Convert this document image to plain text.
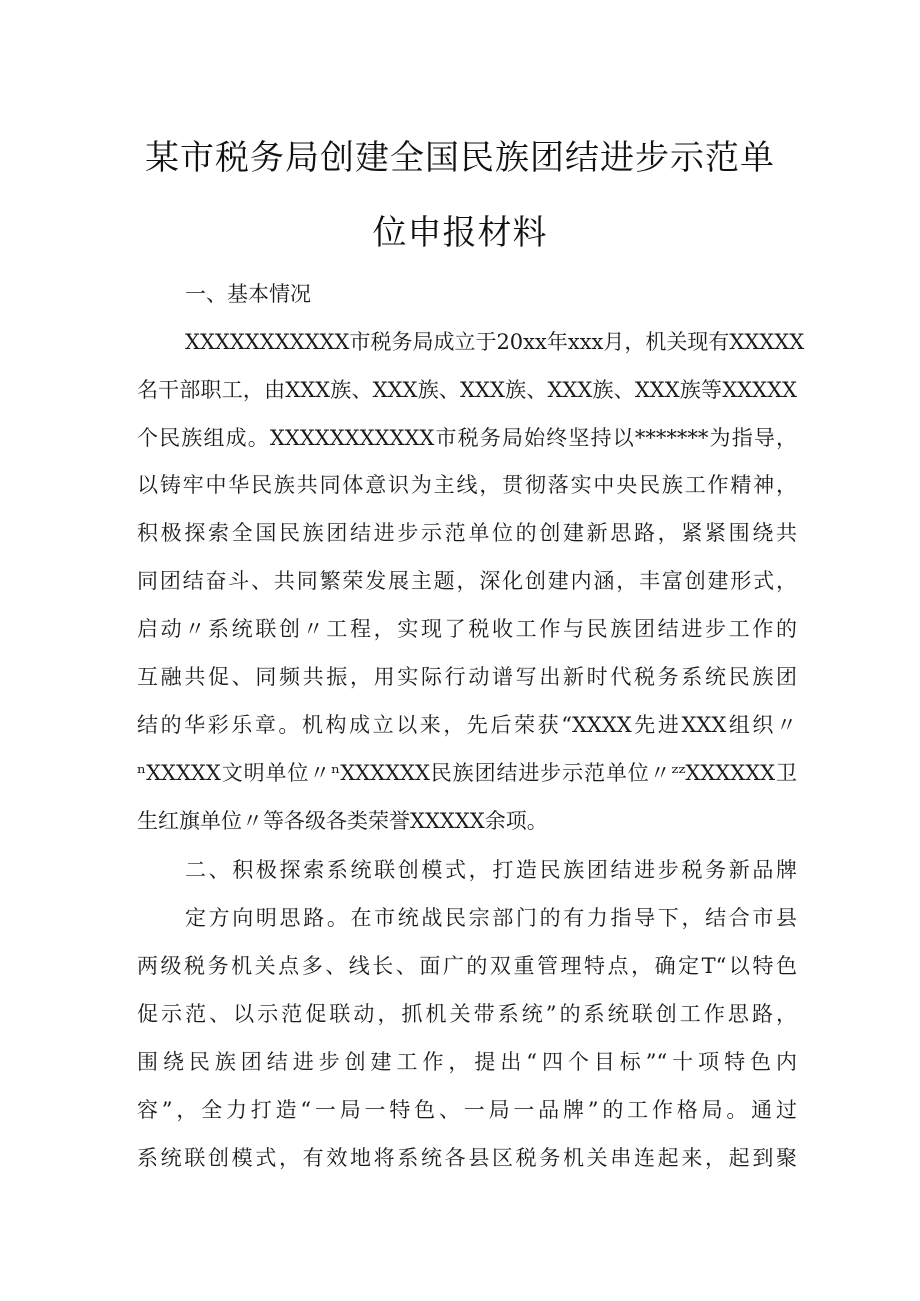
某市税务局创建全国民族团结进步示范单
位申报材料
一、基本情况
XXXXXXXXXXX市税务局成立于20xx年xxx月，机关现有XXXXX
名干部职工，由XXX族、XXX族、XXX族、XXX族、XXX族等XXXXX
个民族组成。XXXXXXXXXXX市税务局始终坚持以*******为指导，
以铸牢中华民族共同体意识为主线，贯彻落实中央民族工作精神，
积极探索全国民族团结进步示范单位的创建新思路，紧紧围绕共
同团结奋斗、共同繁荣发展主题，深化创建内涵，丰富创建形式，
启动〃系统联创〃工程，实现了税收工作与民族团结进步工作的
互融共促、同频共振，用实际行动谱写出新时代税务系统民族团
结的华彩乐章。机构成立以来，先后荣获“XXXX先进XXX组织〃
ⁿXXXXX文明单位〃ⁿXXXXXX民族团结进步示范单位〃ᶻᶻXXXXXX卫
生红旗单位〃等各级各类荣誉XXXXX余项。
二、积极探索系统联创模式，打造民族团结进步税务新品牌
定方向明思路。在市统战民宗部门的有力指导下，结合市县
两级税务机关点多、线长、面广的双重管理特点，确定T“以特色
促示范、以示范促联动，抓机关带系统”的系统联创工作思路，
围绕民族团结进步创建工作，提出“四个目标”“十项特色内
容”，全力打造“一局一特色、一局一品牌”的工作格局。通过
系统联创模式，有效地将系统各县区税务机关串连起来，起到聚
